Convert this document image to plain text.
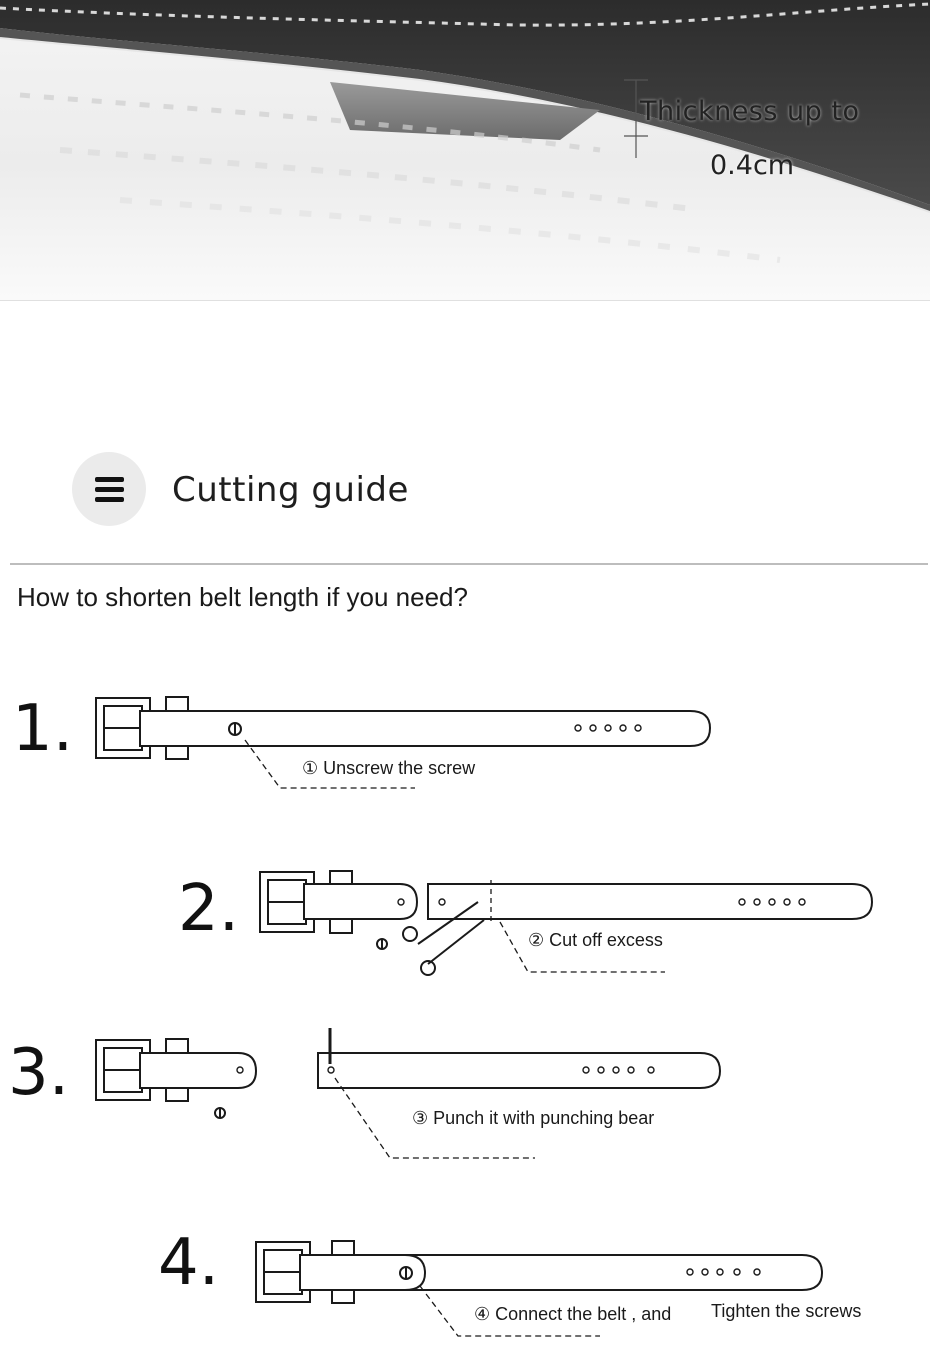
Thickness up to
0.4cm
Cutting guide
How to shorten belt length if you need?
1.
2.
3.
4.
① Unscrew the screw
② Cut off excess
③ Punch it with punching bear
④ Connect the belt , and Tighten the screws
